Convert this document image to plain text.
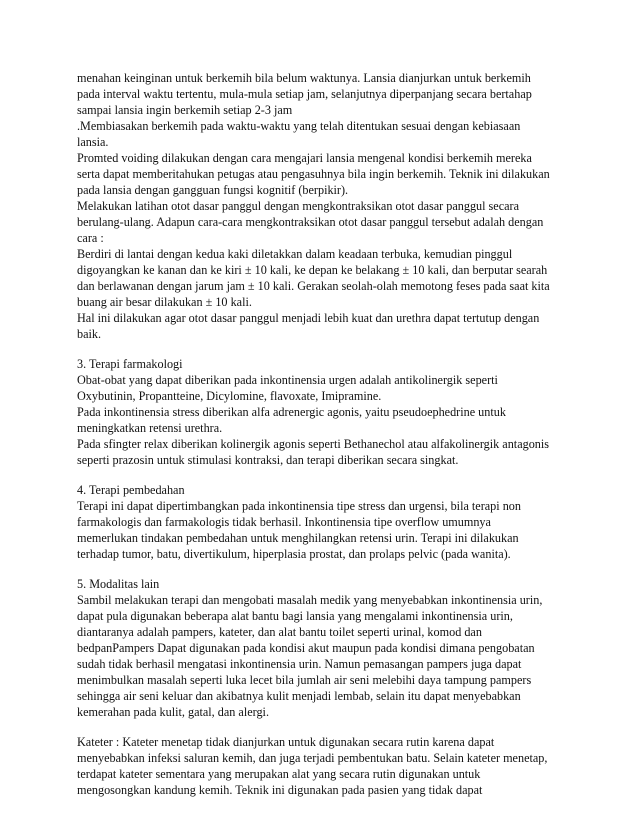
menahan keinginan untuk berkemih bila belum waktunya. Lansia dianjurkan untuk berkemih
pada interval waktu tertentu, mula-mula setiap jam, selanjutnya diperpanjang secara bertahap
sampai lansia ingin berkemih setiap 2-3 jam
.Membiasakan berkemih pada waktu-waktu yang telah ditentukan sesuai dengan kebiasaan
lansia.
Promted voiding dilakukan dengan cara mengajari lansia mengenal kondisi berkemih mereka
serta dapat memberitahukan petugas atau pengasuhnya bila ingin berkemih. Teknik ini dilakukan
pada lansia dengan gangguan fungsi kognitif (berpikir).
Melakukan latihan otot dasar panggul dengan mengkontraksikan otot dasar panggul secara
berulang-ulang. Adapun cara-cara mengkontraksikan otot dasar panggul tersebut adalah dengan
cara :
Berdiri di lantai dengan kedua kaki diletakkan dalam keadaan terbuka, kemudian pinggul
digoyangkan ke kanan dan ke kiri ± 10 kali, ke depan ke belakang ± 10 kali, dan berputar searah
dan berlawanan dengan jarum jam ± 10 kali. Gerakan seolah-olah memotong feses pada saat kita
buang air besar dilakukan ± 10 kali.
Hal ini dilakukan agar otot dasar panggul menjadi lebih kuat dan urethra dapat tertutup dengan
baik.
3. Terapi farmakologi
Obat-obat yang dapat diberikan pada inkontinensia urgen adalah antikolinergik seperti
Oxybutinin, Propantteine, Dicylomine, flavoxate, Imipramine.
Pada inkontinensia stress diberikan alfa adrenergic agonis, yaitu pseudoephedrine untuk
meningkatkan retensi urethra.
Pada sfingter relax diberikan kolinergik agonis seperti Bethanechol atau alfakolinergik antagonis
seperti prazosin untuk stimulasi kontraksi, dan terapi diberikan secara singkat.
4. Terapi pembedahan
Terapi ini dapat dipertimbangkan pada inkontinensia tipe stress dan urgensi, bila terapi non
farmakologis dan farmakologis tidak berhasil. Inkontinensia tipe overflow umumnya
memerlukan tindakan pembedahan untuk menghilangkan retensi urin. Terapi ini dilakukan
terhadap tumor, batu, divertikulum, hiperplasia prostat, dan prolaps pelvic (pada wanita).
5. Modalitas lain
Sambil melakukan terapi dan mengobati masalah medik yang menyebabkan inkontinensia urin,
dapat pula digunakan beberapa alat bantu bagi lansia yang mengalami inkontinensia urin,
diantaranya adalah pampers, kateter, dan alat bantu toilet seperti urinal, komod dan
bedpanPampers Dapat digunakan pada kondisi akut maupun pada kondisi dimana pengobatan
sudah tidak berhasil mengatasi inkontinensia urin. Namun pemasangan pampers juga dapat
menimbulkan masalah seperti luka lecet bila jumlah air seni melebihi daya tampung pampers
sehingga air seni keluar dan akibatnya kulit menjadi lembab, selain itu dapat menyebabkan
kemerahan pada kulit, gatal, dan alergi.
Kateter : Kateter menetap tidak dianjurkan untuk digunakan secara rutin karena dapat
menyebabkan infeksi saluran kemih, dan juga terjadi pembentukan batu. Selain kateter menetap,
terdapat kateter sementara yang merupakan alat yang secara rutin digunakan untuk
mengosongkan kandung kemih. Teknik ini digunakan pada pasien yang tidak dapat
